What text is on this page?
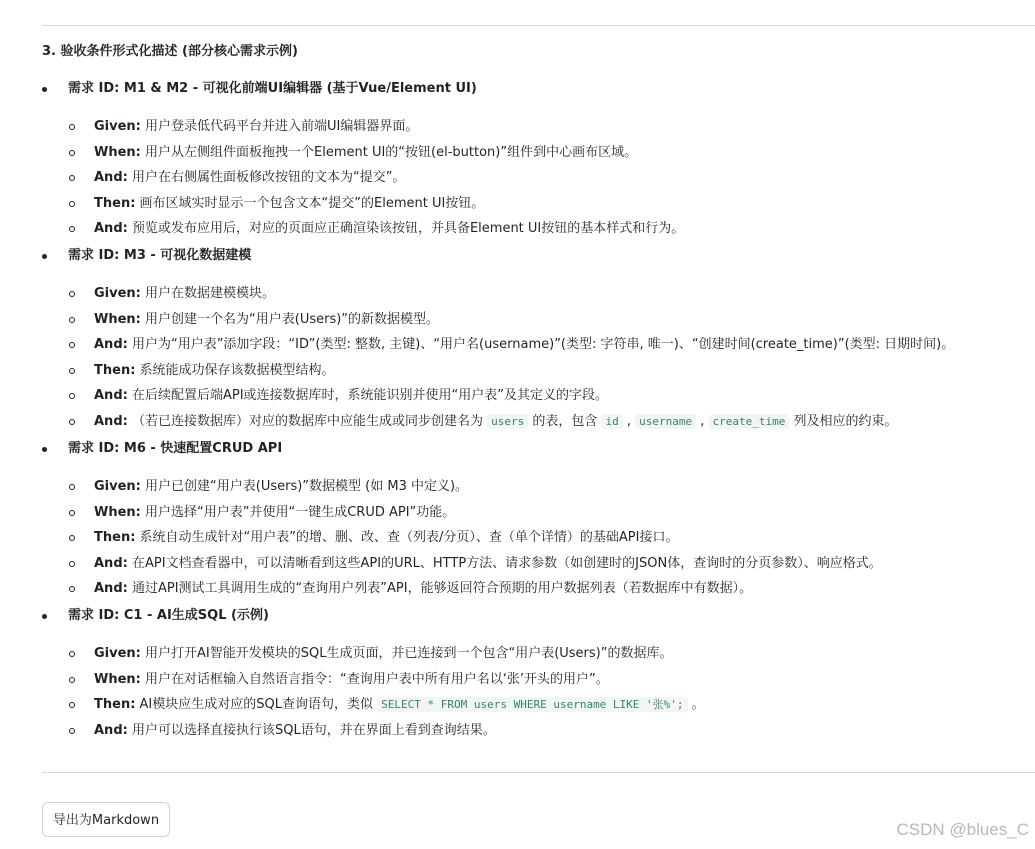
3. 验收条件形式化描述 (部分核心需求示例)
需求 ID: M1 & M2 - 可视化前端UI编辑器 (基于Vue/Element UI)
Given: 用户登录低代码平台并进入前端UI编辑器界面。
When: 用户从左侧组件面板拖拽一个Element UI的“按钮(el-button)”组件到中心画布区域。
And: 用户在右侧属性面板修改按钮的文本为“提交”。
Then: 画布区域实时显示一个包含文本“提交”的Element UI按钮。
And: 预览或发布应用后，对应的页面应正确渲染该按钮，并具备Element UI按钮的基本样式和行为。
需求 ID: M3 - 可视化数据建模
Given: 用户在数据建模模块。
When: 用户创建一个名为“用户表(Users)”的新数据模型。
And: 用户为“用户表”添加字段：“ID”(类型: 整数, 主键)、“用户名(username)”(类型: 字符串, 唯一)、“创建时间(create_time)”(类型: 日期时间)。
Then: 系统能成功保存该数据模型结构。
And: 在后续配置后端API或连接数据库时，系统能识别并使用“用户表”及其定义的字段。
And: （若已连接数据库）对应的数据库中应能生成或同步创建名为 users 的表，包含 id , username , create_time 列及相应的约束。
需求 ID: M6 - 快速配置CRUD API
Given: 用户已创建“用户表(Users)”数据模型 (如 M3 中定义)。
When: 用户选择“用户表”并使用“一键生成CRUD API”功能。
Then: 系统自动生成针对“用户表”的增、删、改、查（列表/分页）、查（单个详情）的基础API接口。
And: 在API文档查看器中，可以清晰看到这些API的URL、HTTP方法、请求参数（如创建时的JSON体，查询时的分页参数）、响应格式。
And: 通过API测试工具调用生成的“查询用户列表”API，能够返回符合预期的用户数据列表（若数据库中有数据）。
需求 ID: C1 - AI生成SQL (示例)
Given: 用户打开AI智能开发模块的SQL生成页面，并已连接到一个包含“用户表(Users)”的数据库。
When: 用户在对话框输入自然语言指令：“查询用户表中所有用户名以‘张’开头的用户”。
Then: AI模块应生成对应的SQL查询语句，类似 SELECT * FROM users WHERE username LIKE '张%'; 。
And: 用户可以选择直接执行该SQL语句，并在界面上看到查询结果。
导出为Markdown	CSDN @blues_C
